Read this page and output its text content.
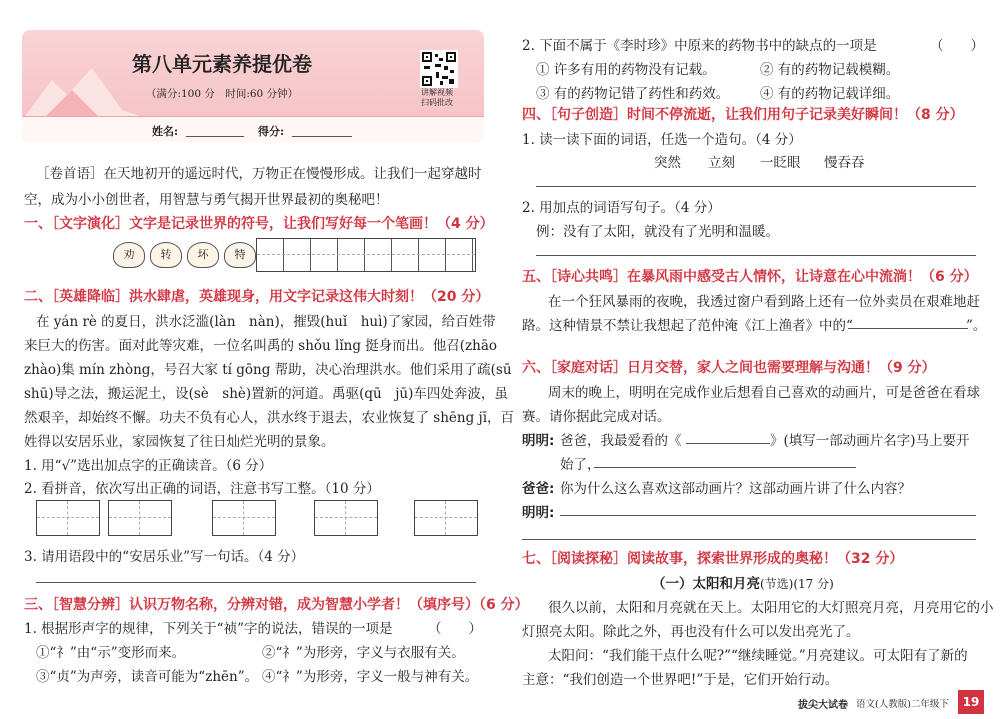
第八单元素养提优卷
（满分:100 分　时间:60 分钟）	讲解视频
扫码批改
姓名:	得分:
［卷首语］在天地初开的遥远时代，万物正在慢慢形成。让我们一起穿越时
空，成为小小创世者，用智慧与勇气揭开世界最初的奥秘吧！
一、［文字演化］文字是记录世界的符号，让我们写好每一个笔画！（4 分）
劝	转	坏	特
二、［英雄降临］洪水肆虐，英雄现身，用文字记录这伟大时刻！（20 分）
在 yán rè 的夏日，洪水泛滥(làn　nàn)，摧毁(huǐ　huì)了家园，给百姓带
来巨大的伤害。面对此等灾难，一位名叫禹的 shǒu lǐng 挺身而出。他召(zhāo
zhào)集 mín zhòng，号召大家 tí gōng 帮助，决心治理洪水。他们采用了疏(sū
shū)导之法，搬运泥土，设(sè　shè)置新的河道。禹驱(qū　jū)车四处奔波，虽
然艰辛，却始终不懈。功夫不负有心人，洪水终于退去，农业恢复了 shēng jī，百
姓得以安居乐业，家园恢复了往日灿烂光明的景象。
1. 用“√”选出加点字的正确读音。（6 分）
2. 看拼音，依次写出正确的词语，注意书写工整。（10 分）
3. 请用语段中的“安居乐业”写一句话。（4 分）
三、［智慧分辨］认识万物名称，分辨对错，成为智慧小学者！（填序号）（6 分）
1. 根据形声字的规律，下列关于“祯”字的说法，错误的一项是	（　　）
①“礻”由“示”变形而来。	②“礻”为形旁，字义与衣服有关。
③“贞”为声旁，读音可能为“zhēn”。 ④“礻”为形旁，字义一般与神有关。
2. 下面不属于《李时珍》中原来的药物书中的缺点的一项是	（　　）
① 许多有用的药物没有记载。	② 有的药物记载模糊。
③ 有的药物记错了药性和药效。 ④ 有的药物记载详细。
四、［句子创造］时间不停流逝，让我们用句子记录美好瞬间！（8 分）
1. 读一读下面的词语，任选一个造句。（4 分）
突然 立刻 一眨眼 慢吞吞
2. 用加点的词语写句子。（4 分）
例：没有了太阳，就没有了光明和温暖。
五、［诗心共鸣］在暴风雨中感受古人情怀，让诗意在心中流淌！（6 分）
在一个狂风暴雨的夜晚，我透过窗户看到路上还有一位外卖员在艰难地赶
路。这种情景不禁让我想起了范仲淹《江上渔者》中的“	”。
六、［家庭对话］日月交替，家人之间也需要理解与沟通！（9 分）
周末的晚上，明明在完成作业后想看自己喜欢的动画片，可是爸爸在看球
赛。请你据此完成对话。
明明: 爸爸，我最爱看的《	》(填写一部动画片名字)马上要开
始了，
爸爸: 你为什么这么喜欢这部动画片？这部动画片讲了什么内容？
明明:
七、［阅读探秘］阅读故事，探索世界形成的奥秘！（32 分）
（一）太阳和月亮(节选)(17 分)
很久以前，太阳和月亮就在天上。太阳用它的大灯照亮月亮，月亮用它的小
灯照亮太阳。除此之外，再也没有什么可以发出亮光了。
太阳问：“我们能干点什么呢?”“继续睡觉。”月亮建议。可太阳有了新的
主意：“我们创造一个世界吧!”于是，它们开始行动。
拔尖大试卷 语文(人教版)二年级下	19
